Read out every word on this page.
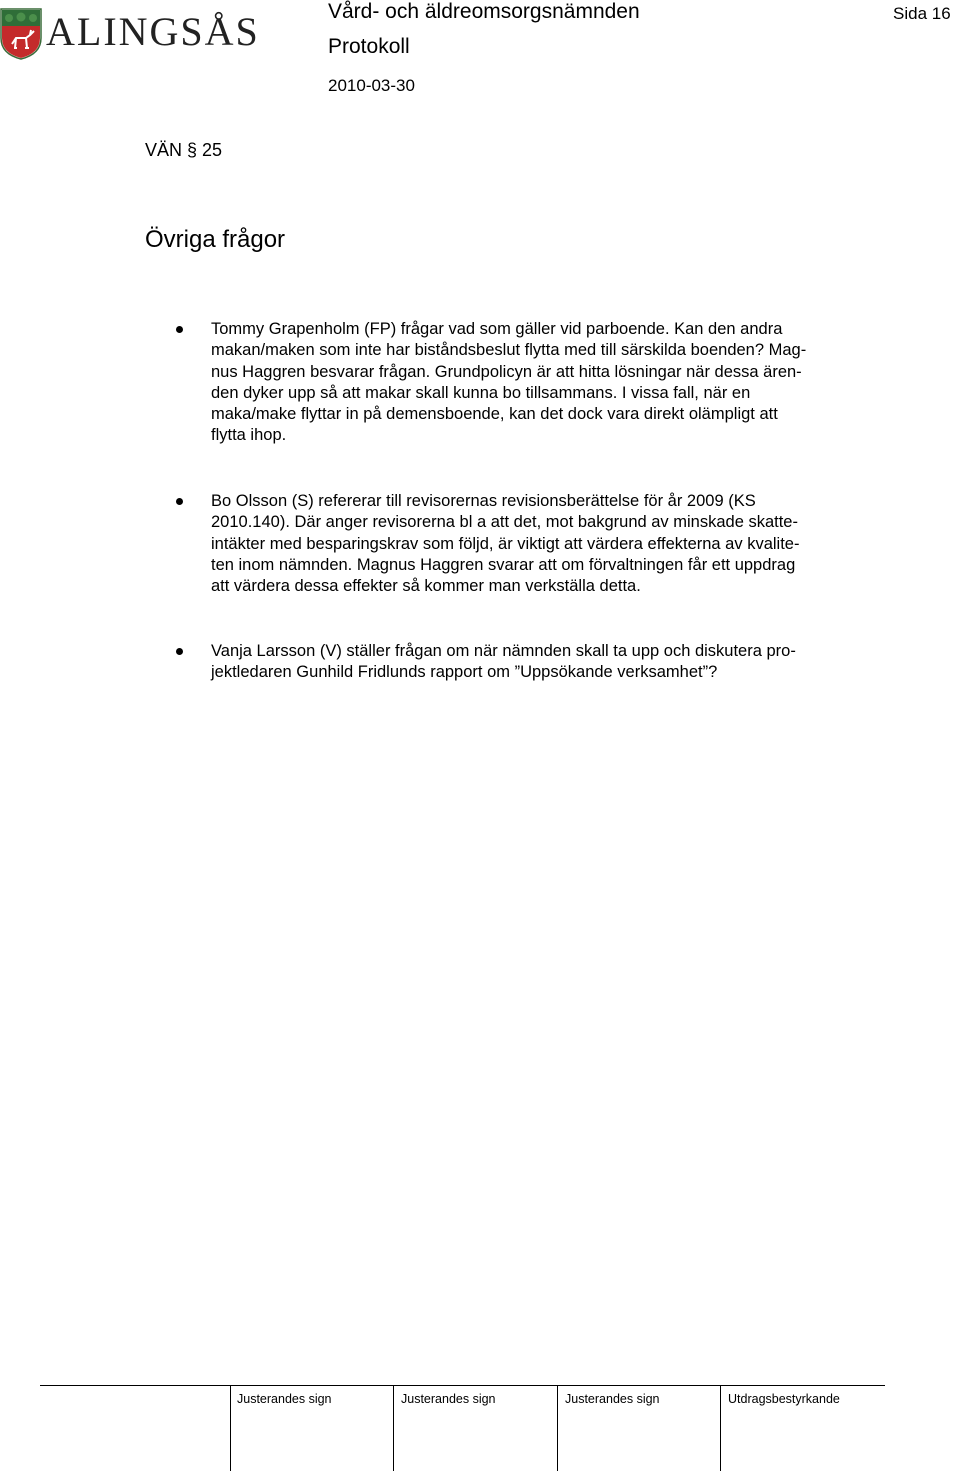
ALINGSÅS	Vård- och äldreomsorgsnämnden
Protokoll
2010-03-30
Sida 16
VÄN § 25
Övriga frågor
Tommy Grapenholm (FP) frågar vad som gäller vid parboende. Kan den andra
makan/maken som inte har biståndsbeslut flytta med till särskilda boenden? Mag-
nus Haggren besvarar frågan. Grundpolicyn är att hitta lösningar när dessa ären-
den dyker upp så att makar skall kunna bo tillsammans. I vissa fall, när en
maka/make flyttar in på demensboende, kan det dock vara direkt olämpligt att
flytta ihop.
Bo Olsson (S) refererar till revisorernas revisionsberättelse för år 2009 (KS
2010.140). Där anger revisorerna bl a att det, mot bakgrund av minskade skatte-
intäkter med besparingskrav som följd, är viktigt att värdera effekterna av kvalite-
ten inom nämnden. Magnus Haggren svarar att om förvaltningen får ett uppdrag
att värdera dessa effekter så kommer man verkställa detta.
Vanja Larsson (V) ställer frågan om när nämnden skall ta upp och diskutera pro-
jektledaren Gunhild Fridlunds rapport om ”Uppsökande verksamhet”?
Justerandes sign	Justerandes sign	Justerandes sign	Utdragsbestyrkande
